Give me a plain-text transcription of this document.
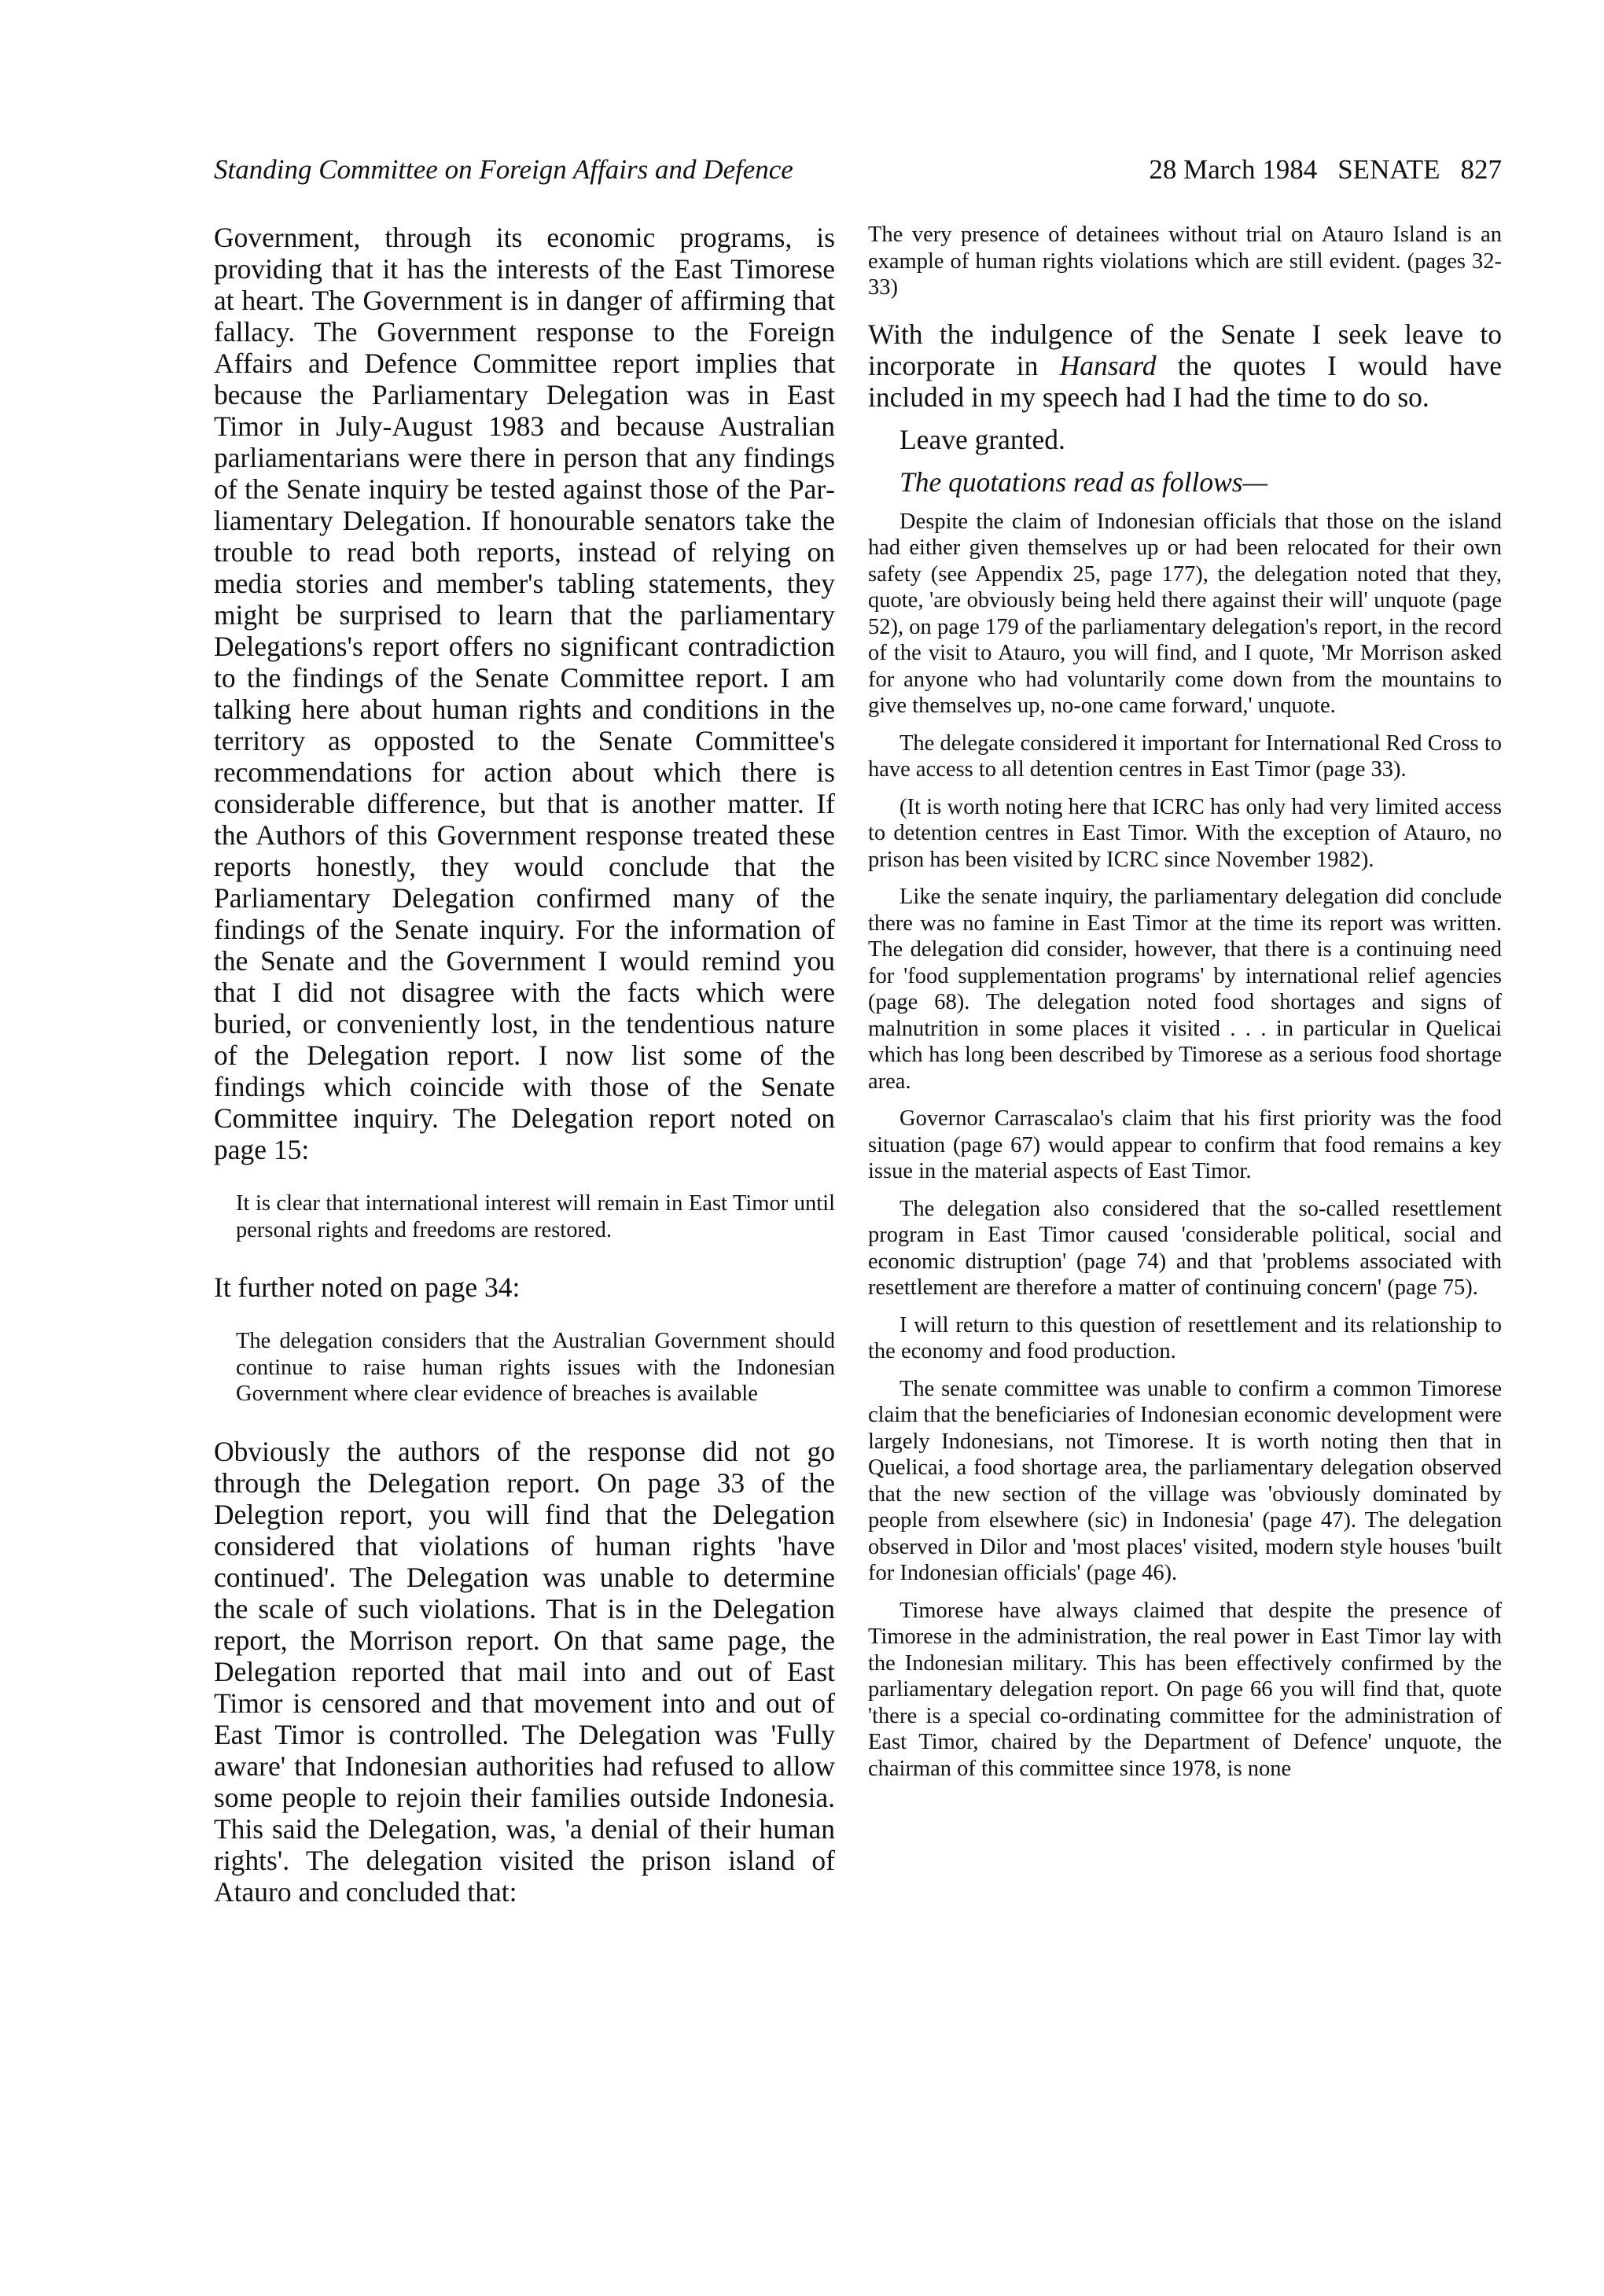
Standing Committee on Foreign Affairs and Defence	28 March 1984 SENATE 827

Government, through its economic programs, is providing that it has the interests of the East Timorese at heart. The Government is in danger of affirming that fallacy. The Government response to the Foreign Affairs and Defence Committee report implies that because the Parliamentary Delegation was in East Timor in July-August 1983 and because Australian parliamentarians were there in person that any findings of the Senate inquiry be tested against those of the Parliamentary Delegation. If honourable senators take the trouble to read both reports, instead of relying on media stories and member's tabling statements, they might be surprised to learn that the parliamentary Delegations's report offers no significant contradiction to the findings of the Senate Committee report. I am talking here about human rights and conditions in the territory as opposted to the Senate Committee's recommendations for action about which there is considerable difference, but that is another matter. If the Authors of this Government response treated these reports honestly, they would conclude that the Parliamentary Delegation confirmed many of the findings of the Senate inquiry. For the information of the Senate and the Government I would remind you that I did not disagree with the facts which were buried, or conveniently lost, in the tendentious nature of the Delegation report. I now list some of the findings which coincide with those of the Senate Committee inquiry. The Delegation report noted on page 15:

It is clear that international interest will remain in East Timor until personal rights and freedoms are restored.

It further noted on page 34:

The delegation considers that the Australian Government should continue to raise human rights issues with the Indonesian Government where clear evidence of breaches is available

Obviously the authors of the response did not go through the Delegation report. On page 33 of the Delegtion report, you will find that the Delegation considered that violations of human rights 'have continued'. The Delegation was unable to determine the scale of such violations. That is in the Delegation report, the Morrison report. On that same page, the Delegation reported that mail into and out of East Timor is censored and that movement into and out of East Timor is controlled. The Delegation was 'Fully aware' that Indonesian authorities had refused to allow some people to rejoin their families outside Indonesia. This said the Delegation, was, 'a denial of their human rights'. The delegation visited the prison island of Atauro and concluded that:

The very presence of detainees without trial on Atauro Island is an example of human rights violations which are still evident. (pages 32-33)

With the indulgence of the Senate I seek leave to incorporate in Hansard the quotes I would have included in my speech had I had the time to do so.

Leave granted.

The quotations read as follows—

Despite the claim of Indonesian officials that those on the island had either given themselves up or had been relocated for their own safety (see Appendix 25, page 177), the delegation noted that they, quote, 'are obviously being held there against their will' unquote (page 52), on page 179 of the parliamentary delegation's report, in the record of the visit to Atauro, you will find, and I quote, 'Mr Morrison asked for anyone who had voluntarily come down from the mountains to give themselves up, no-one came forward,' unquote.

The delegate considered it important for International Red Cross to have access to all detention centres in East Timor (page 33).

(It is worth noting here that ICRC has only had very limited access to detention centres in East Timor. With the exception of Atauro, no prison has been visited by ICRC since November 1982).

Like the senate inquiry, the parliamentary delegation did conclude there was no famine in East Timor at the time its report was written. The delegation did consider, however, that there is a continuing need for 'food supplementation programs' by international relief agencies (page 68). The delegation noted food shortages and signs of malnutrition in some places it visited . . . in particular in Quelicai which has long been described by Timorese as a serious food shortage area.

Governor Carrascalao's claim that his first priority was the food situation (page 67) would appear to confirm that food remains a key issue in the material aspects of East Timor.

The delegation also considered that the so-called resettlement program in East Timor caused 'considerable political, social and economic distruption' (page 74) and that 'problems associated with resettlement are therefore a matter of continuing concern' (page 75).

I will return to this question of resettlement and its relationship to the economy and food production.

The senate committee was unable to confirm a common Timorese claim that the beneficiaries of Indonesian economic development were largely Indonesians, not Timorese. It is worth noting then that in Quelicai, a food shortage area, the parliamentary delegation observed that the new section of the village was 'obviously dominated by people from elsewhere (sic) in Indonesia' (page 47). The delegation observed in Dilor and 'most places' visited, modern style houses 'built for Indonesian officials' (page 46).

Timorese have always claimed that despite the presence of Timorese in the administration, the real power in East Timor lay with the Indonesian military. This has been effectively confirmed by the parliamentary delegation report. On page 66 you will find that, quote 'there is a special co-ordinating committee for the administration of East Timor, chaired by the Department of Defence' unquote, the chairman of this committee since 1978, is none
